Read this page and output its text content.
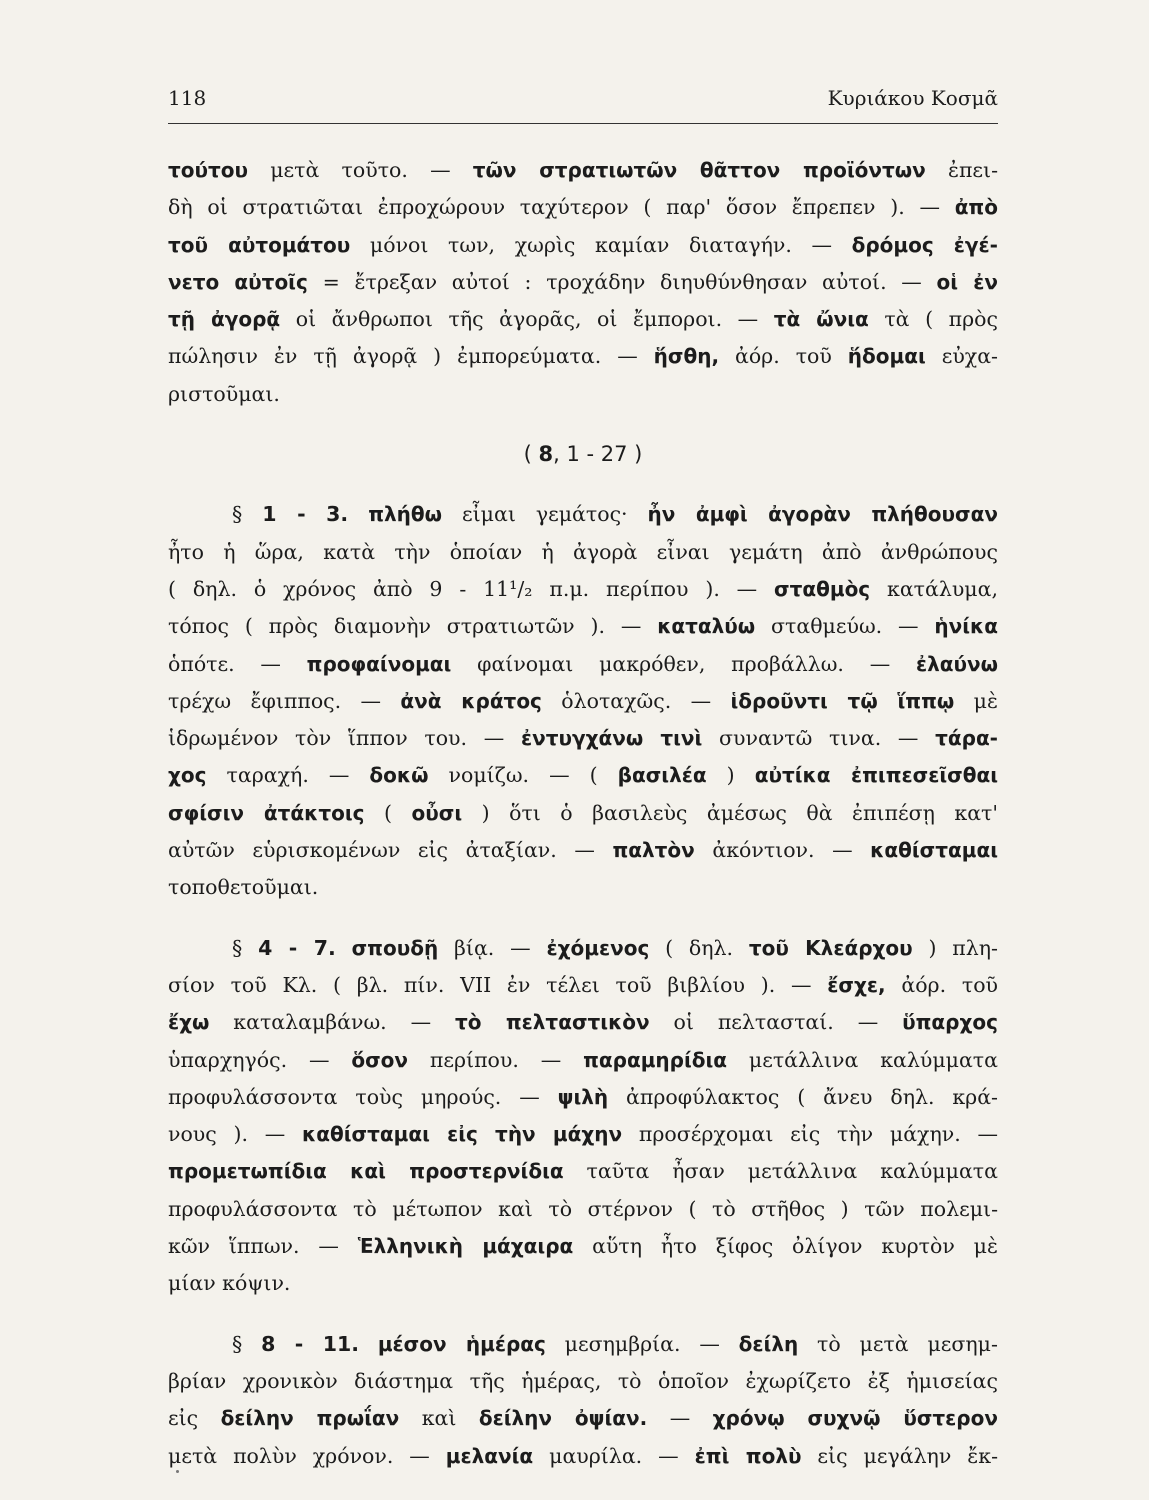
118	Κυριάκου Κοσμᾶ
τούτου μετὰ τοῦτο. — τῶν στρατιωτῶν θᾶττον προϊόντων ἐπει-
δὴ οἱ στρατιῶται ἐπροχώρουν ταχύτερον ( παρ' ὅσον ἔπρεπεν ). — ἀπὸ
τοῦ αὐτομάτου μόνοι των, χωρὶς καμίαν διαταγήν. — δρόμος ἐγέ-
νετο αὐτοῖς = ἔτρεξαν αὐτοί : τροχάδην διηυθύνθησαν αὐτοί. — οἱ ἐν
τῇ ἀγορᾷ οἱ ἄνθρωποι τῆς ἀγορᾶς, οἱ ἔμποροι. — τὰ ὤνια τὰ ( πρὸς
πώλησιν ἐν τῇ ἀγορᾷ ) ἐμπορεύματα. — ἥσθη, ἀόρ. τοῦ ἥδομαι εὐχα-
ριστοῦμαι.
( 8, 1 - 27 )
§ 1 - 3. πλήθω εἶμαι γεμάτος· ἦν ἀμφὶ ἀγορὰν πλήθουσαν
ἦτο ἡ ὥρα, κατὰ τὴν ὁποίαν ἡ ἀγορὰ εἶναι γεμάτη ἀπὸ ἀνθρώπους
( δηλ. ὁ χρόνος ἀπὸ 9 - 11¹/₂ π.μ. περίπου ). — σταθμὸς κατάλυμα,
τόπος ( πρὸς διαμονὴν στρατιωτῶν ). — καταλύω σταθμεύω. — ἡνίκα
ὁπότε. — προφαίνομαι φαίνομαι μακρόθεν, προβάλλω. — ἐλαύνω
τρέχω ἔφιππος. — ἀνὰ κράτος ὁλοταχῶς. — ἱδροῦντι τῷ ἵππῳ μὲ
ἱδρωμένον τὸν ἵππον του. — ἐντυγχάνω τινὶ συναντῶ τινα. — τάρα-
χος ταραχή. — δοκῶ νομίζω. — ( βασιλέα ) αὐτίκα ἐπιπεσεῖσθαι
σφίσιν ἀτάκτοις ( οὖσι ) ὅτι ὁ βασιλεὺς ἀμέσως θὰ ἐπιπέσῃ κατ'
αὐτῶν εὑρισκομένων εἰς ἀταξίαν. — παλτὸν ἀκόντιον. — καθίσταμαι
τοποθετοῦμαι.
§ 4 - 7. σπουδῇ βίᾳ. — ἐχόμενος ( δηλ. τοῦ Κλεάρχου ) πλη-
σίον τοῦ Κλ. ( βλ. πίν. VII ἐν τέλει τοῦ βιβλίου ). — ἔσχε, ἀόρ. τοῦ
ἔχω καταλαμβάνω. — τὸ πελταστικὸν οἱ πελτασταί. — ὕπαρχος
ὑπαρχηγός. — ὅσον περίπου. — παραμηρίδια μετάλλινα καλύμματα
προφυλάσσοντα τοὺς μηρούς. — ψιλὴ ἀπροφύλακτος ( ἄνευ δηλ. κρά-
νους ). — καθίσταμαι εἰς τὴν μάχην προσέρχομαι εἰς τὴν μάχην. —
προμετωπίδια καὶ προστερνίδια ταῦτα ἦσαν μετάλλινα καλύμματα
προφυλάσσοντα τὸ μέτωπον καὶ τὸ στέρνον ( τὸ στῆθος ) τῶν πολεμι-
κῶν ἵππων. — Ἑλληνικὴ μάχαιρα αὕτη ἦτο ξίφος ὀλίγον κυρτὸν μὲ
μίαν κόψιν.
§ 8 - 11. μέσον ἡμέρας μεσημβρία. — δείλη τὸ μετὰ μεσημ-
βρίαν χρονικὸν διάστημα τῆς ἡμέρας, τὸ ὁποῖον ἐχωρίζετο ἐξ ἡμισείας
εἰς δείλην πρωΐαν καὶ δείλην ὀψίαν. — χρόνῳ συχνῷ ὕστερον
μετὰ πολὺν χρόνον. — μελανία μαυρίλα. — ἐπὶ πολὺ εἰς μεγάλην ἔκ-
